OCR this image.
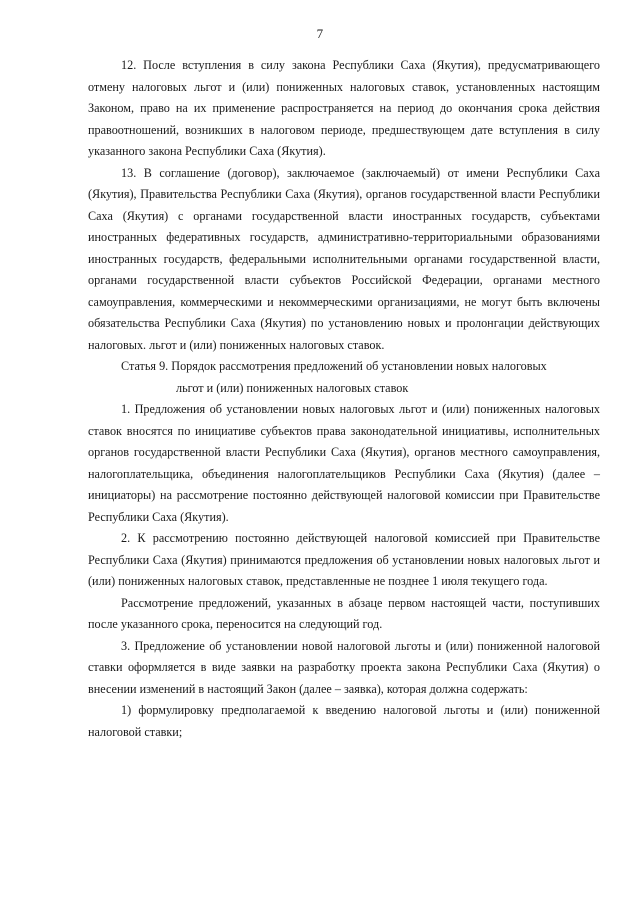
7

12. После вступления в силу закона Республики Саха (Якутия), предусматривающего отмену налоговых льгот и (или) пониженных налоговых ставок, установленных настоящим Законом, право на их применение распространяется на период до окончания срока действия правоотношений, возникших в налоговом периоде, предшествующем дате вступления в силу указанного закона Республики Саха (Якутия).

13. В соглашение (договор), заключаемое (заключаемый) от имени Республики Саха (Якутия), Правительства Республики Саха (Якутия), органов государственной власти Республики Саха (Якутия) с органами государственной власти иностранных государств, субъектами иностранных федеративных государств, административно-территориальными образованиями иностранных государств, федеральными исполнительными органами государственной власти, органами государственной власти субъектов Российской Федерации, органами местного самоуправления, коммерческими и некоммерческими организациями, не могут быть включены обязательства Республики Саха (Якутия) по установлению новых и пролонгации действующих налоговых. льгот и (или) пониженных налоговых ставок.

Статья 9. Порядок рассмотрения предложений об установлении новых налоговых
льгот и (или) пониженных налоговых ставок

1. Предложения об установлении новых налоговых льгот и (или) пониженных налоговых ставок вносятся по инициативе субъектов права законодательной инициативы, исполнительных органов государственной власти Республики Саха (Якутия), органов местного самоуправления, налогоплательщика, объединения налогоплательщиков Республики Саха (Якутия) (далее – инициаторы) на рассмотрение постоянно действующей налоговой комиссии при Правительстве Республики Саха (Якутия).

2. К рассмотрению постоянно действующей налоговой комиссией при Правительстве Республики Саха (Якутия) принимаются предложения об установлении новых налоговых льгот и (или) пониженных налоговых ставок, представленные не позднее 1 июля текущего года.

Рассмотрение предложений, указанных в абзаце первом настоящей части, поступивших после указанного срока, переносится на следующий год.

3. Предложение об установлении новой налоговой льготы и (или) пониженной налоговой ставки оформляется в виде заявки на разработку проекта закона Республики Саха (Якутия) о внесении изменений в настоящий Закон (далее – заявка), которая должна содержать:

1) формулировку предполагаемой к введению налоговой льготы и (или) пониженной налоговой ставки;
